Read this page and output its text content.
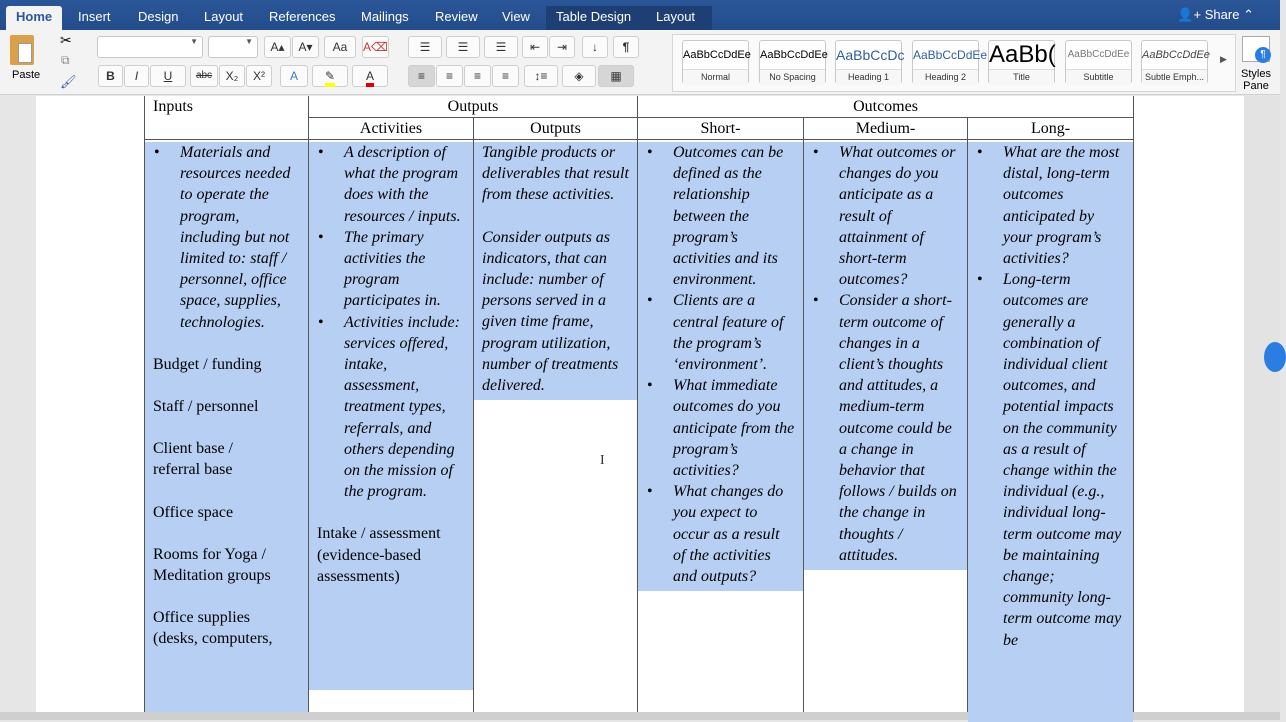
Home	Insert	Design	Layout	References	Mailings	Review	View	Table Design	Layout	👤+ Share ⌃
Paste
✂
⧉
🖌
▼	▼	A▴	A▾	Aa	A⌫
B	I	U	abc	X₂	X²	A	✎	A
☰	☰	☰	⇤	⇥	↓	¶
≡	≡	≡	≡	↕≡	◈	▦
AaBbCcDdEe
Normal
AaBbCcDdEe
No Spacing
AaBbCcDc
Heading 1
AaBbCcDdEe
Heading 2
AaBb(
Title
AaBbCcDdEe
Subtitle
AaBbCcDdEe
Subtle Emph...
▶	¶
Styles Pane
Inputs	Outputs	Outcomes
Activities	Outputs	Short-	Medium-	Long-
• Materials and resources needed to operate the program, including but not limited to: staff / personnel, office space, supplies, technologies.

Budget / funding

Staff / personnel

Client base / referral base

Office space

Rooms for Yoga / Meditation groups

Office supplies (desks, computers,

• A description of what the program does with the resources / inputs.
• The primary activities the program participates in.
• Activities include: services offered, intake, assessment, treatment types, referrals, and others depending on the mission of the program.

Intake / assessment (evidence-based assessments)

Tangible products or deliverables that result from these activities.

Consider outputs as indicators, that can include: number of persons served in a given time frame, program utilization, number of treatments delivered.

Ι
• Outcomes can be defined as the relationship between the program’s activities and its environment.
• Clients are a central feature of the program’s ‘environment’.
• What immediate outcomes do you anticipate from the program’s activities?
• What changes do you expect to occur as a result of the activities and outputs?
• What outcomes or changes do you anticipate as a result of attainment of short-term outcomes?
• Consider a short-term outcome of changes in a client’s thoughts and attitudes, a medium-term outcome could be a change in behavior that follows / builds on the change in thoughts / attitudes.
• What are the most distal, long-term outcomes anticipated by your program’s activities?
• Long-term outcomes are generally a combination of individual client outcomes, and potential impacts on the community as a result of change within the individual (e.g., individual long-term outcome may be maintaining change; community long-term outcome may be
